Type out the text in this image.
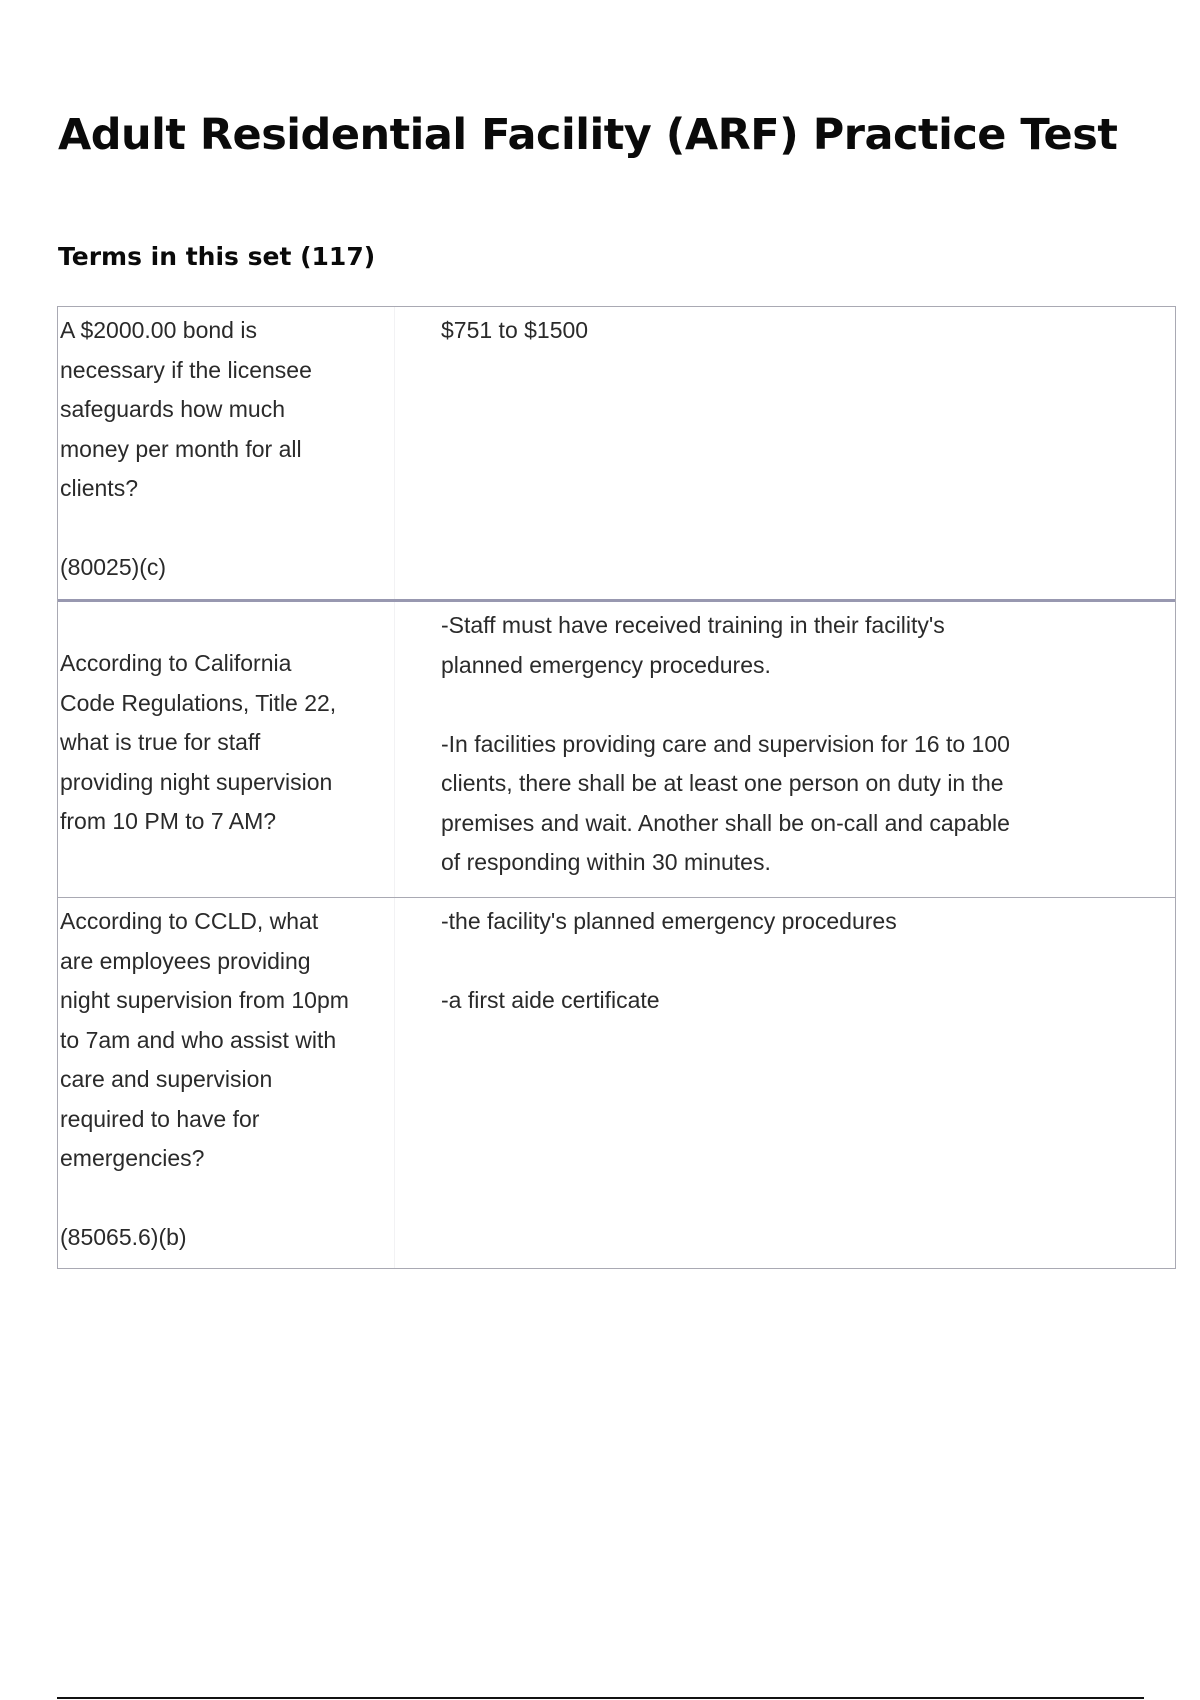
Adult Residential Facility (ARF) Practice Test
Terms in this set (117)
A $2000.00 bond is
necessary if the licensee
safeguards how much
money per month for all
clients?

(80025)(c)
$751 to $1500
According to California
Code Regulations, Title 22,
what is true for staff
providing night supervision
from 10 PM to 7 AM?
-Staff must have received training in their facility's
planned emergency procedures.

-In facilities providing care and supervision for 16 to 100
clients, there shall be at least one person on duty in the
premises and wait. Another shall be on-call and capable
of responding within 30 minutes.
According to CCLD, what
are employees providing
night supervision from 10pm
to 7am and who assist with
care and supervision
required to have for
emergencies?

(85065.6)(b)
-the facility's planned emergency procedures

-a first aide certificate
